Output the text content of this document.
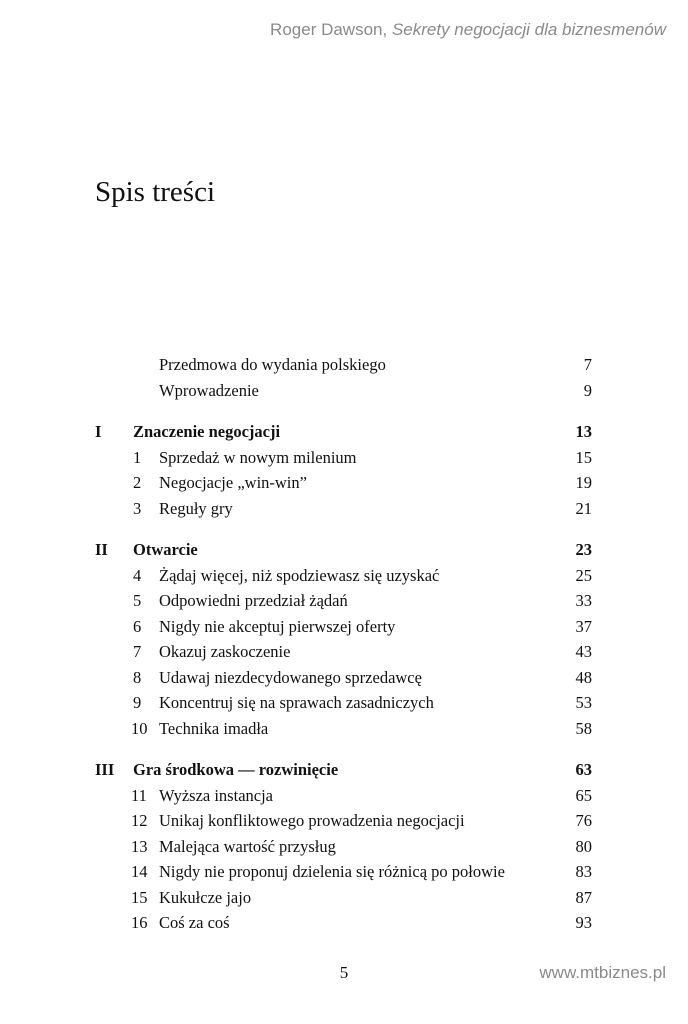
Roger Dawson, Sekrety negocjacji dla biznesmenów
Spis treści
Przedmowa do wydania polskiego	7
Wprowadzenie	9
I Znaczenie negocjacji	13
1	Sprzedaż w nowym milenium	15
2	Negocjacje „win-win”	19
3	Reguły gry	21
II Otwarcie	23
4	Żądaj więcej, niż spodziewasz się uzyskać	25
5	Odpowiedni przedział żądań	33
6	Nigdy nie akceptuj pierwszej oferty	37
7	Okazuj zaskoczenie	43
8	Udawaj niezdecydowanego sprzedawcę	48
9	Koncentruj się na sprawach zasadniczych	53
10 Technika imadła	58
III Gra środkowa — rozwinięcie	63
11 Wyższa instancja	65
12 Unikaj konfliktowego prowadzenia negocjacji	76
13 Malejąca wartość przysług	80
14 Nigdy nie proponuj dzielenia się różnicą po połowie	83
15 Kukułcze jajo	87
16 Coś za coś	93
5	www.mtbiznes.pl
